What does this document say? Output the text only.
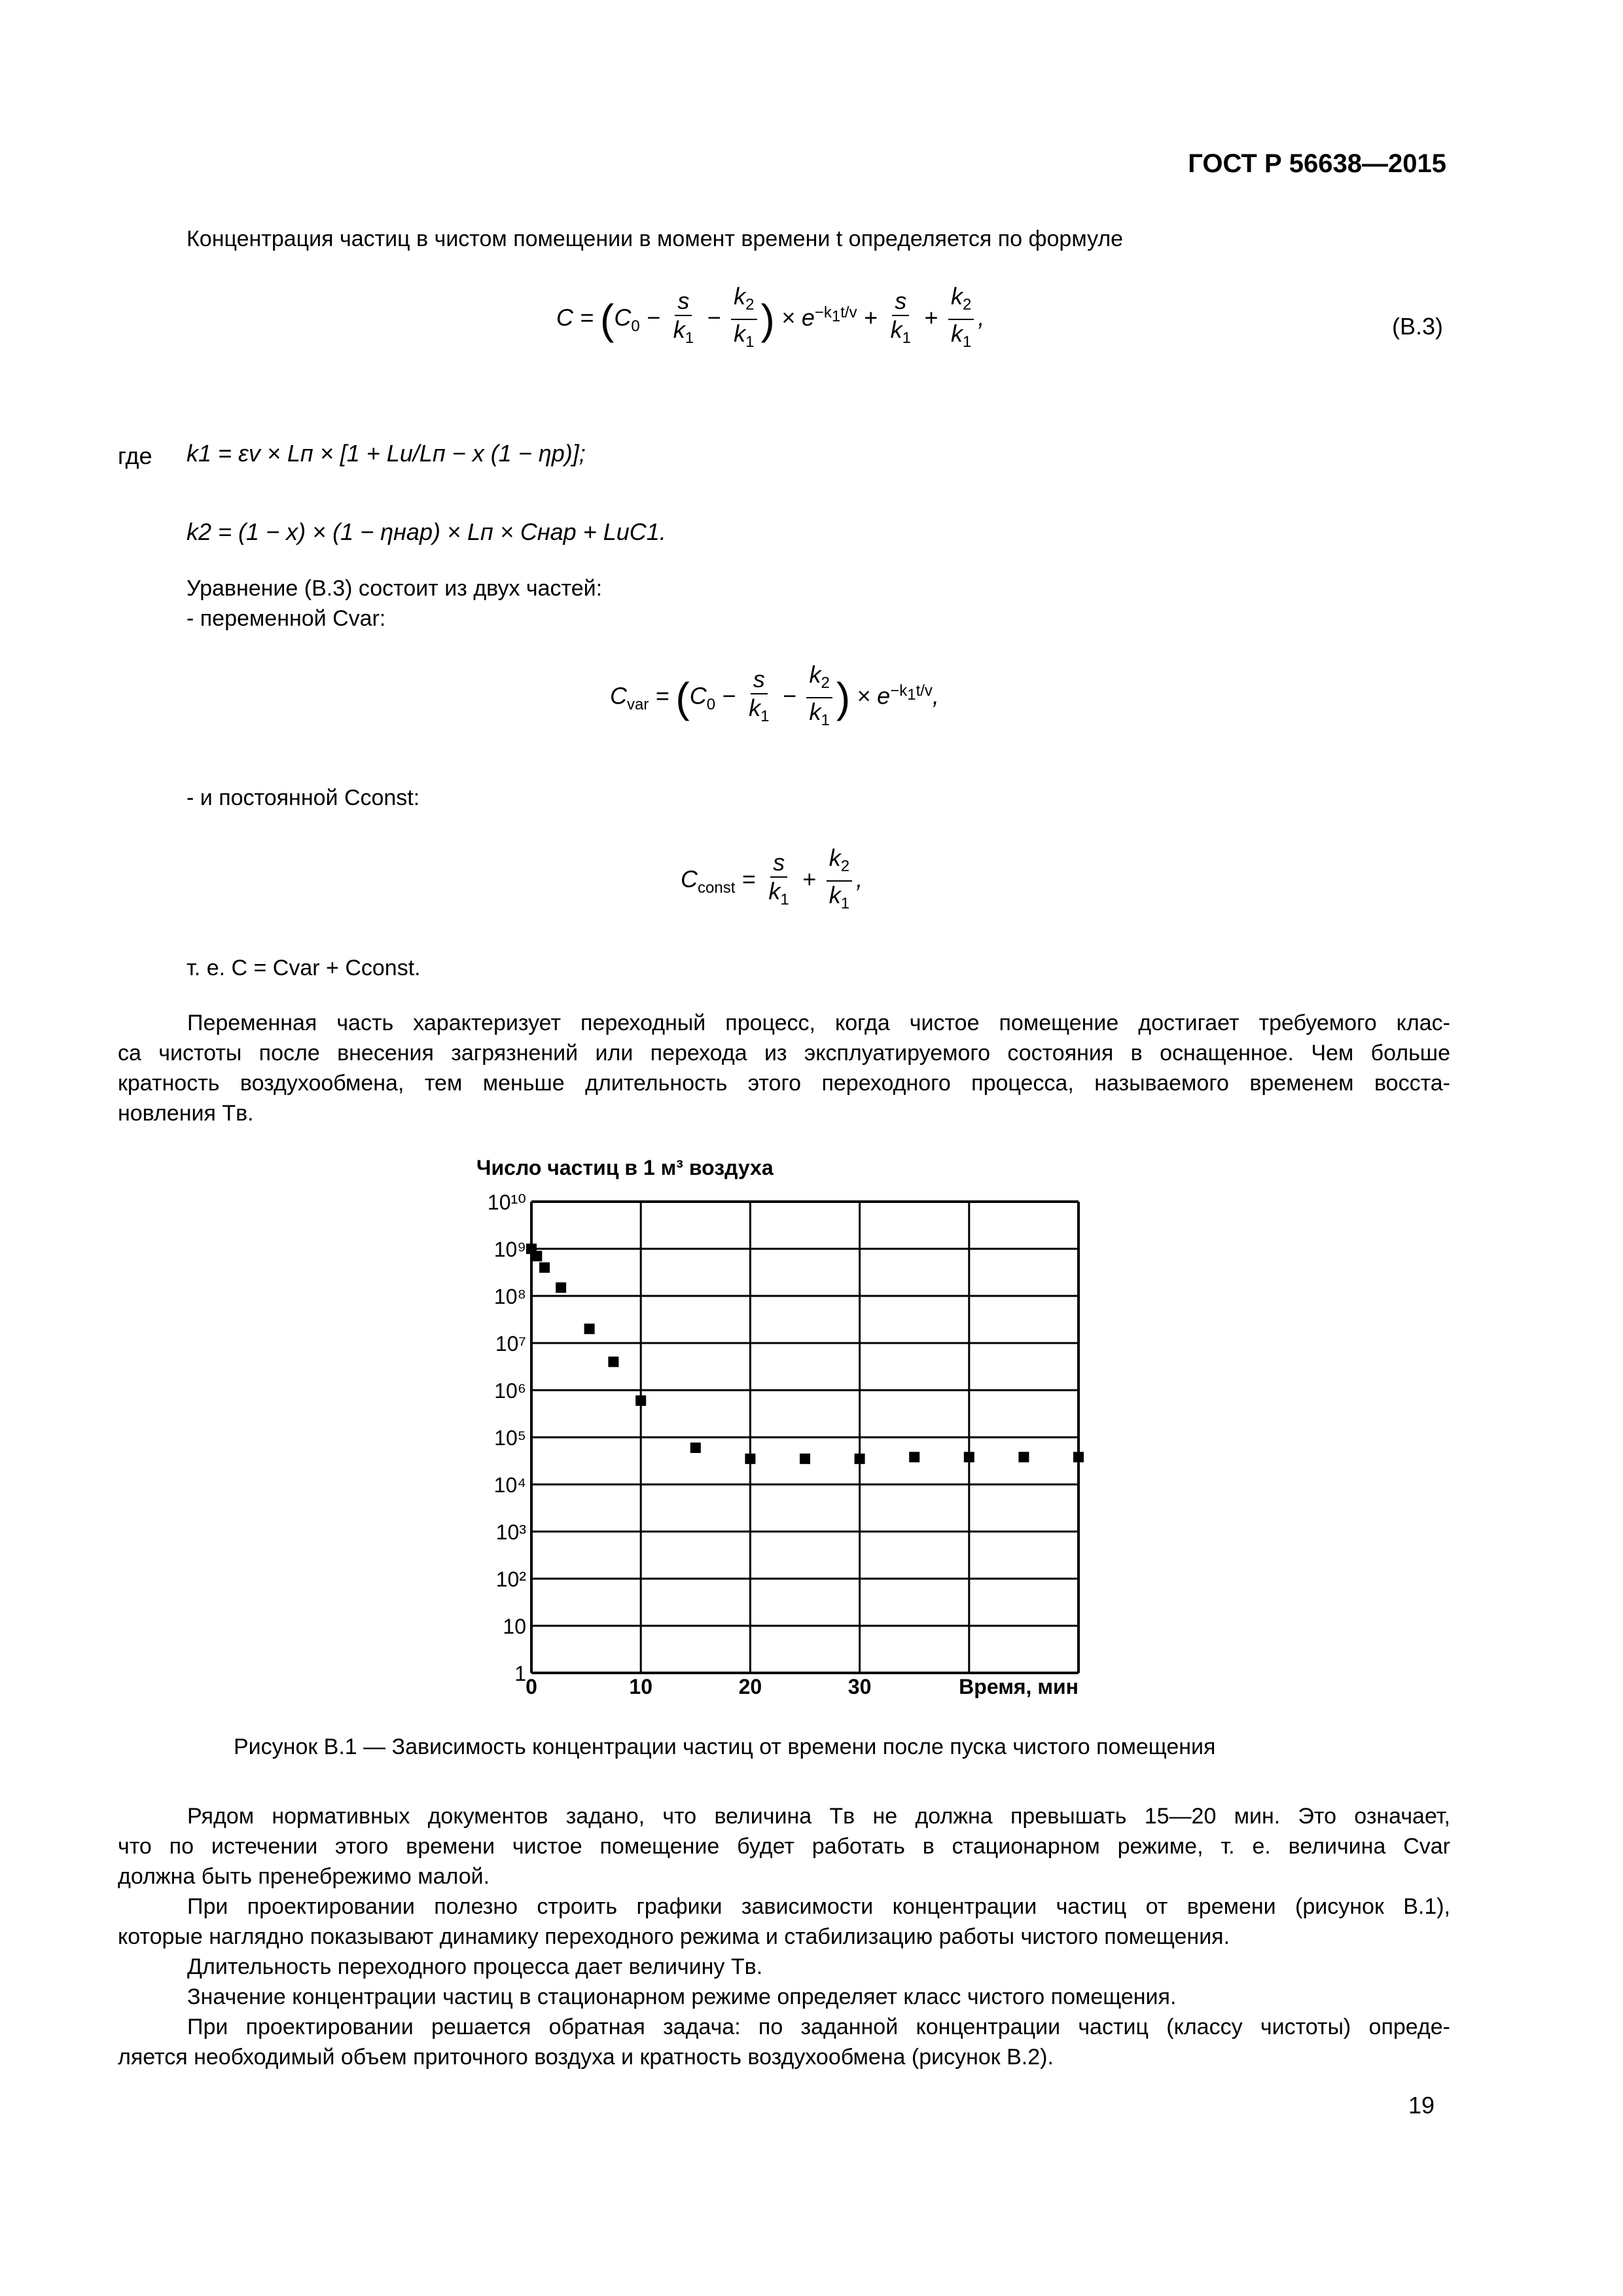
ГОСТ Р 56638—2015
Концентрация частиц в чистом помещении в момент времени t определяется по формуле
$C = (C_0 - \frac{s}{k_1} - \frac{k_2}{k_1}$ ) × $e^{-k_1t/v} + \frac{s}{k_1} + \frac{k_2}{k_1}$ ,	(В.3)
где k1 = εv × Lп × [1 + Lи/Lп − x (1 − ηр)];
k2 = (1 − x) × (1 − ηнар) × Lп × Cнар + LиC1.
Уравнение (В.3) состоит из двух частей:
- переменной Cvar:
$C_{var} = (C_0 - \frac{s}{k_1} - \frac{k_2}{k_1}$ ) × $e^{-k_1t/v}$,
- и постоянной Cconst:
$C_{const} = \frac{s}{k_1} + \frac{k_2}{k_1}$ ,
т. е. C = Cvar + Cconst.
Переменная часть характеризует переходный процесс, когда чистое помещение достигает требуемого клас-
са чистоты после внесения загрязнений или перехода из эксплуатируемого состояния в оснащенное. Чем больше
кратность воздухообмена, тем меньше длительность этого переходного процесса, называемого временем восста-
новления Tв.
Число частиц в 1 м³ воздуха
1
10
10²
10³
10⁴
10⁵
10⁶
10⁷
10⁸
10⁹
10¹⁰
0	10	20	30	Время, мин
Рисунок В.1 — Зависимость концентрации частиц от времени после пуска чистого помещения
Рядом нормативных документов задано, что величина Tв не должна превышать 15—20 мин. Это означает,
что по истечении этого времени чистое помещение будет работать в стационарном режиме, т. е. величина Cvar
должна быть пренебрежимо малой.
При проектировании полезно строить графики зависимости концентрации частиц от времени (рисунок В.1),
которые наглядно показывают динамику переходного режима и стабилизацию работы чистого помещения.
Длительность переходного процесса дает величину Tв.
Значение концентрации частиц в стационарном режиме определяет класс чистого помещения.
При проектировании решается обратная задача: по заданной концентрации частиц (классу чистоты) опреде-
ляется необходимый объем приточного воздуха и кратность воздухообмена (рисунок В.2).
19
